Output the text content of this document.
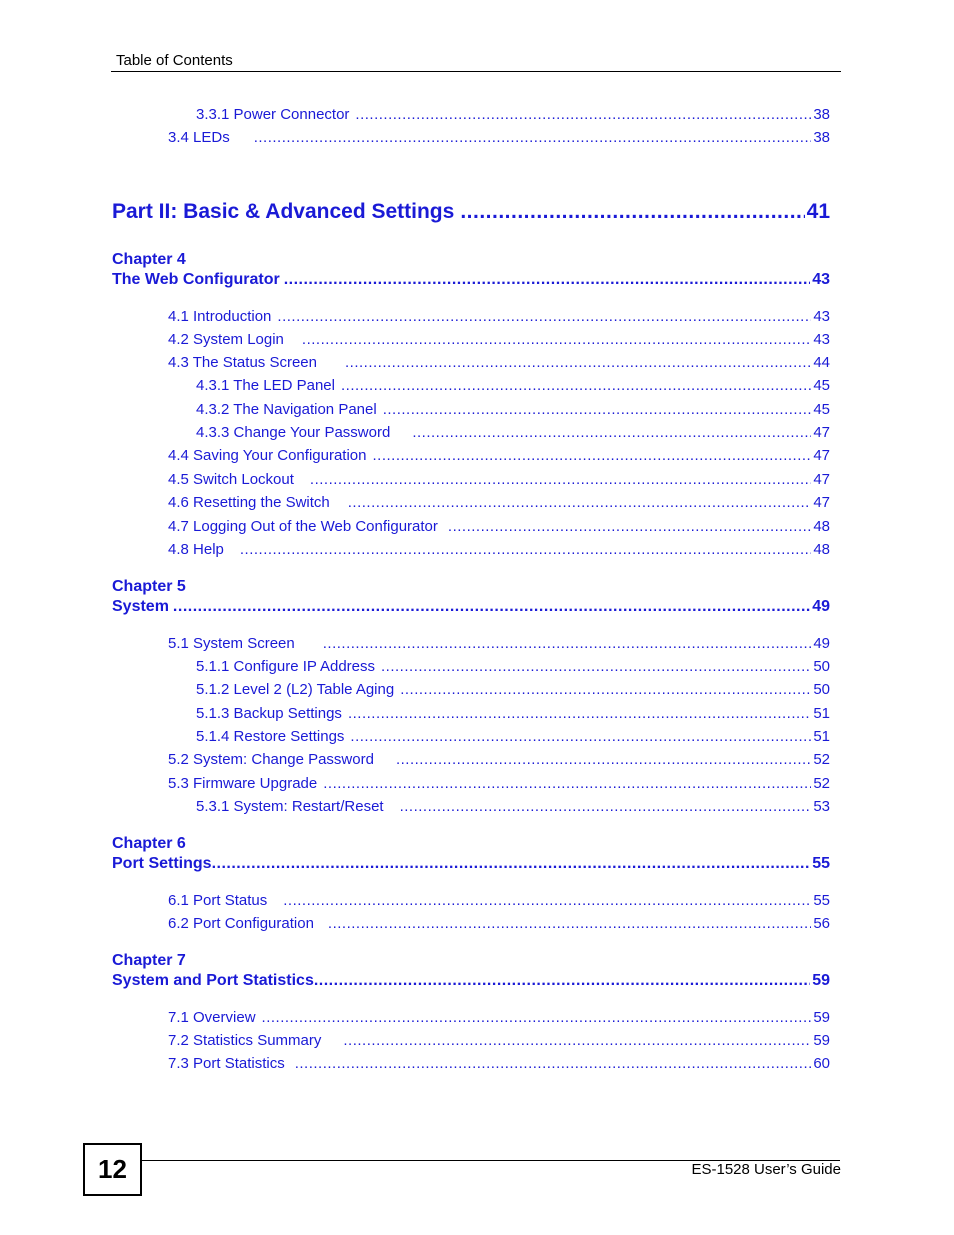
Table of Contents
3.3.1 Power Connector .....	38
3.4 LEDs .....	38
Part II: Basic & Advanced Settings .....	41
Chapter 4
The Web Configurator .....	43
4.1 Introduction .....	43
4.2 System Login .....	43
4.3 The Status Screen .....	44
4.3.1 The LED Panel .....	45
4.3.2 The Navigation Panel .....	45
4.3.3 Change Your Password .....	47
4.4 Saving Your Configuration .....	47
4.5 Switch Lockout .....	47
4.6 Resetting the Switch .....	47
4.7 Logging Out of the Web Configurator .....	48
4.8 Help .....	48
Chapter 5
System .....	49
5.1 System Screen .....	49
5.1.1 Configure IP Address .....	50
5.1.2 Level 2 (L2) Table Aging .....	50
5.1.3 Backup Settings .....	51
5.1.4 Restore Settings .....	51
5.2 System: Change Password .....	52
5.3 Firmware Upgrade .....	52
5.3.1 System: Restart/Reset .....	53
Chapter 6
Port Settings .....	55
6.1 Port Status .....	55
6.2 Port Configuration .....	56
Chapter 7
System and Port Statistics .....	59
7.1 Overview .....	59
7.2 Statistics Summary .....	59
7.3 Port Statistics .....	60
12	ES-1528 User’s Guide
